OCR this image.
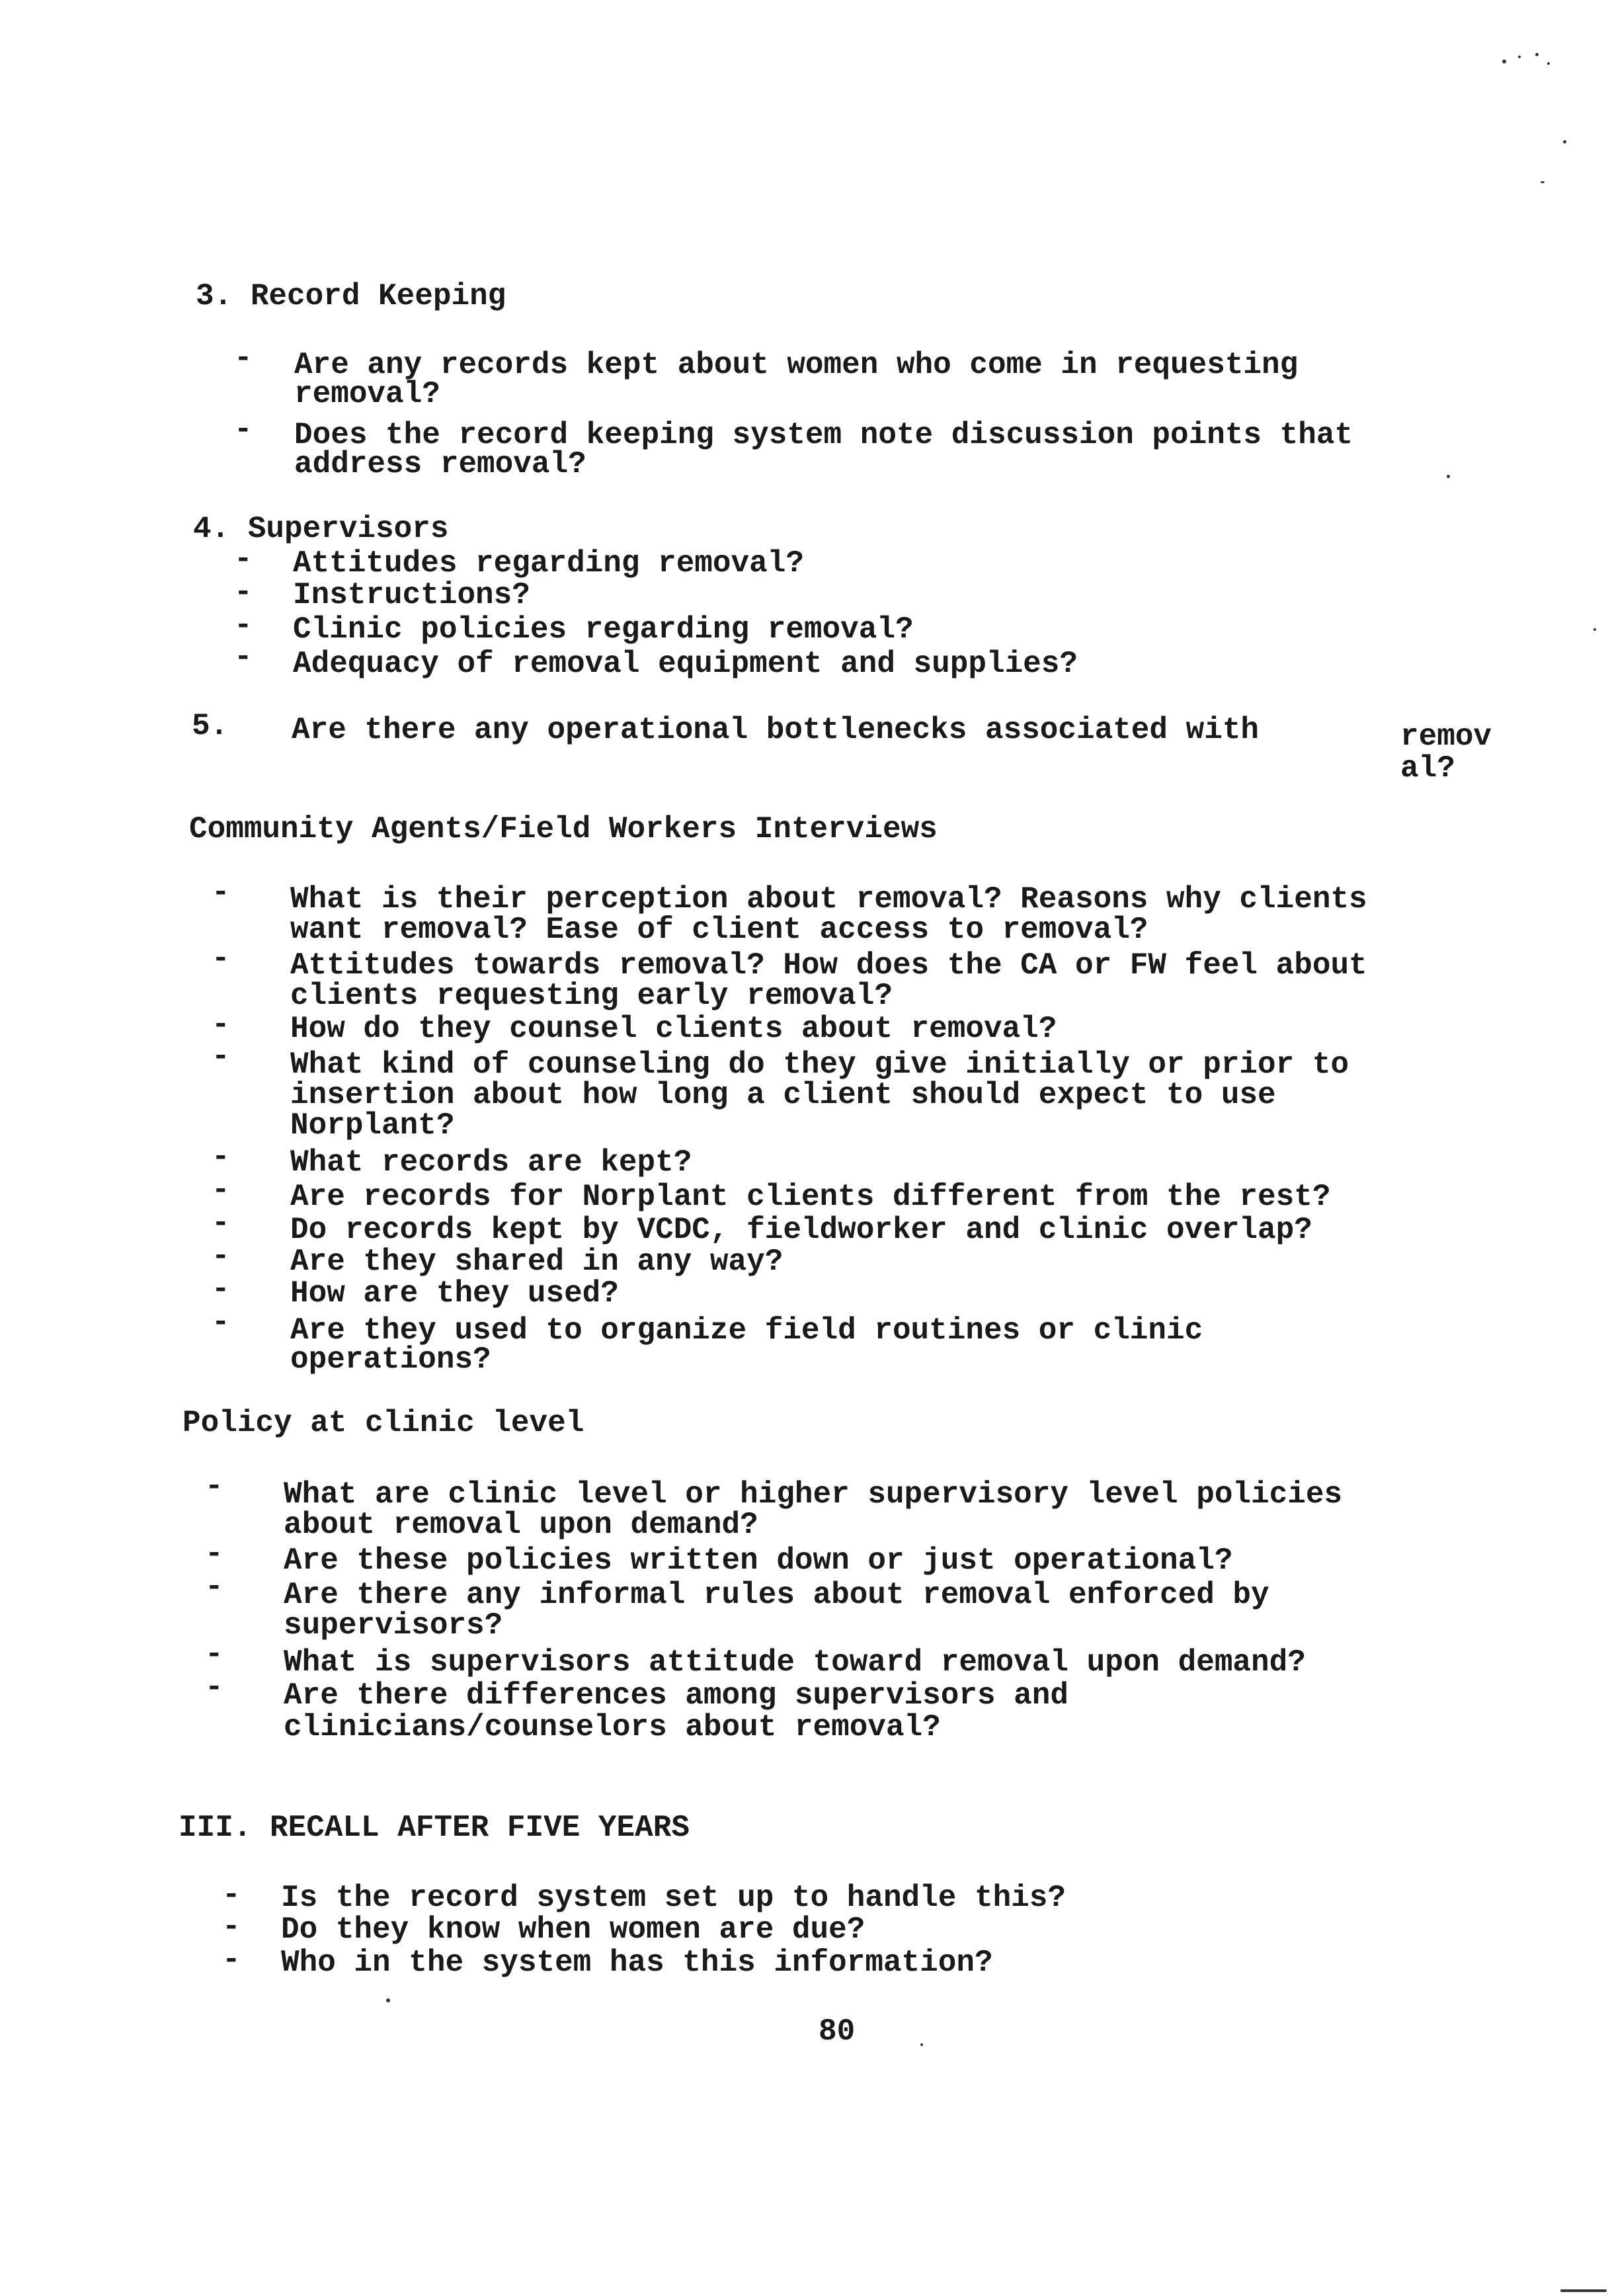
3. Record Keeping
- Are any records kept about women who come in requesting
removal?
- Does the record keeping system note discussion points that
address removal?
4. Supervisors
- Attitudes regarding removal?
- Instructions?
- Clinic policies regarding removal?
- Adequacy of removal equipment and supplies?
5. Are there any operational bottlenecks associated with	remov
al?
Community Agents/Field Workers Interviews
- What is their perception about removal? Reasons why clients
want removal? Ease of client access to removal?
- Attitudes towards removal? How does the CA or FW feel about
clients requesting early removal?
- How do they counsel clients about removal?
- What kind of counseling do they give initially or prior to
insertion about how long a client should expect to use
Norplant?
- What records are kept?
- Are records for Norplant clients different from the rest?
- Do records kept by VCDC, fieldworker and clinic overlap?
- Are they shared in any way?
- How are they used?
- Are they used to organize field routines or clinic
operations?
Policy at clinic level
- What are clinic level or higher supervisory level policies
about removal upon demand?
- Are these policies written down or just operational?
- Are there any informal rules about removal enforced by
supervisors?
- What is supervisors attitude toward removal upon demand?
- Are there differences among supervisors and
clinicians/counselors about removal?
III. RECALL AFTER FIVE YEARS
- Is the record system set up to handle this?
- Do they know when women are due?
- Who in the system has this information?
80
